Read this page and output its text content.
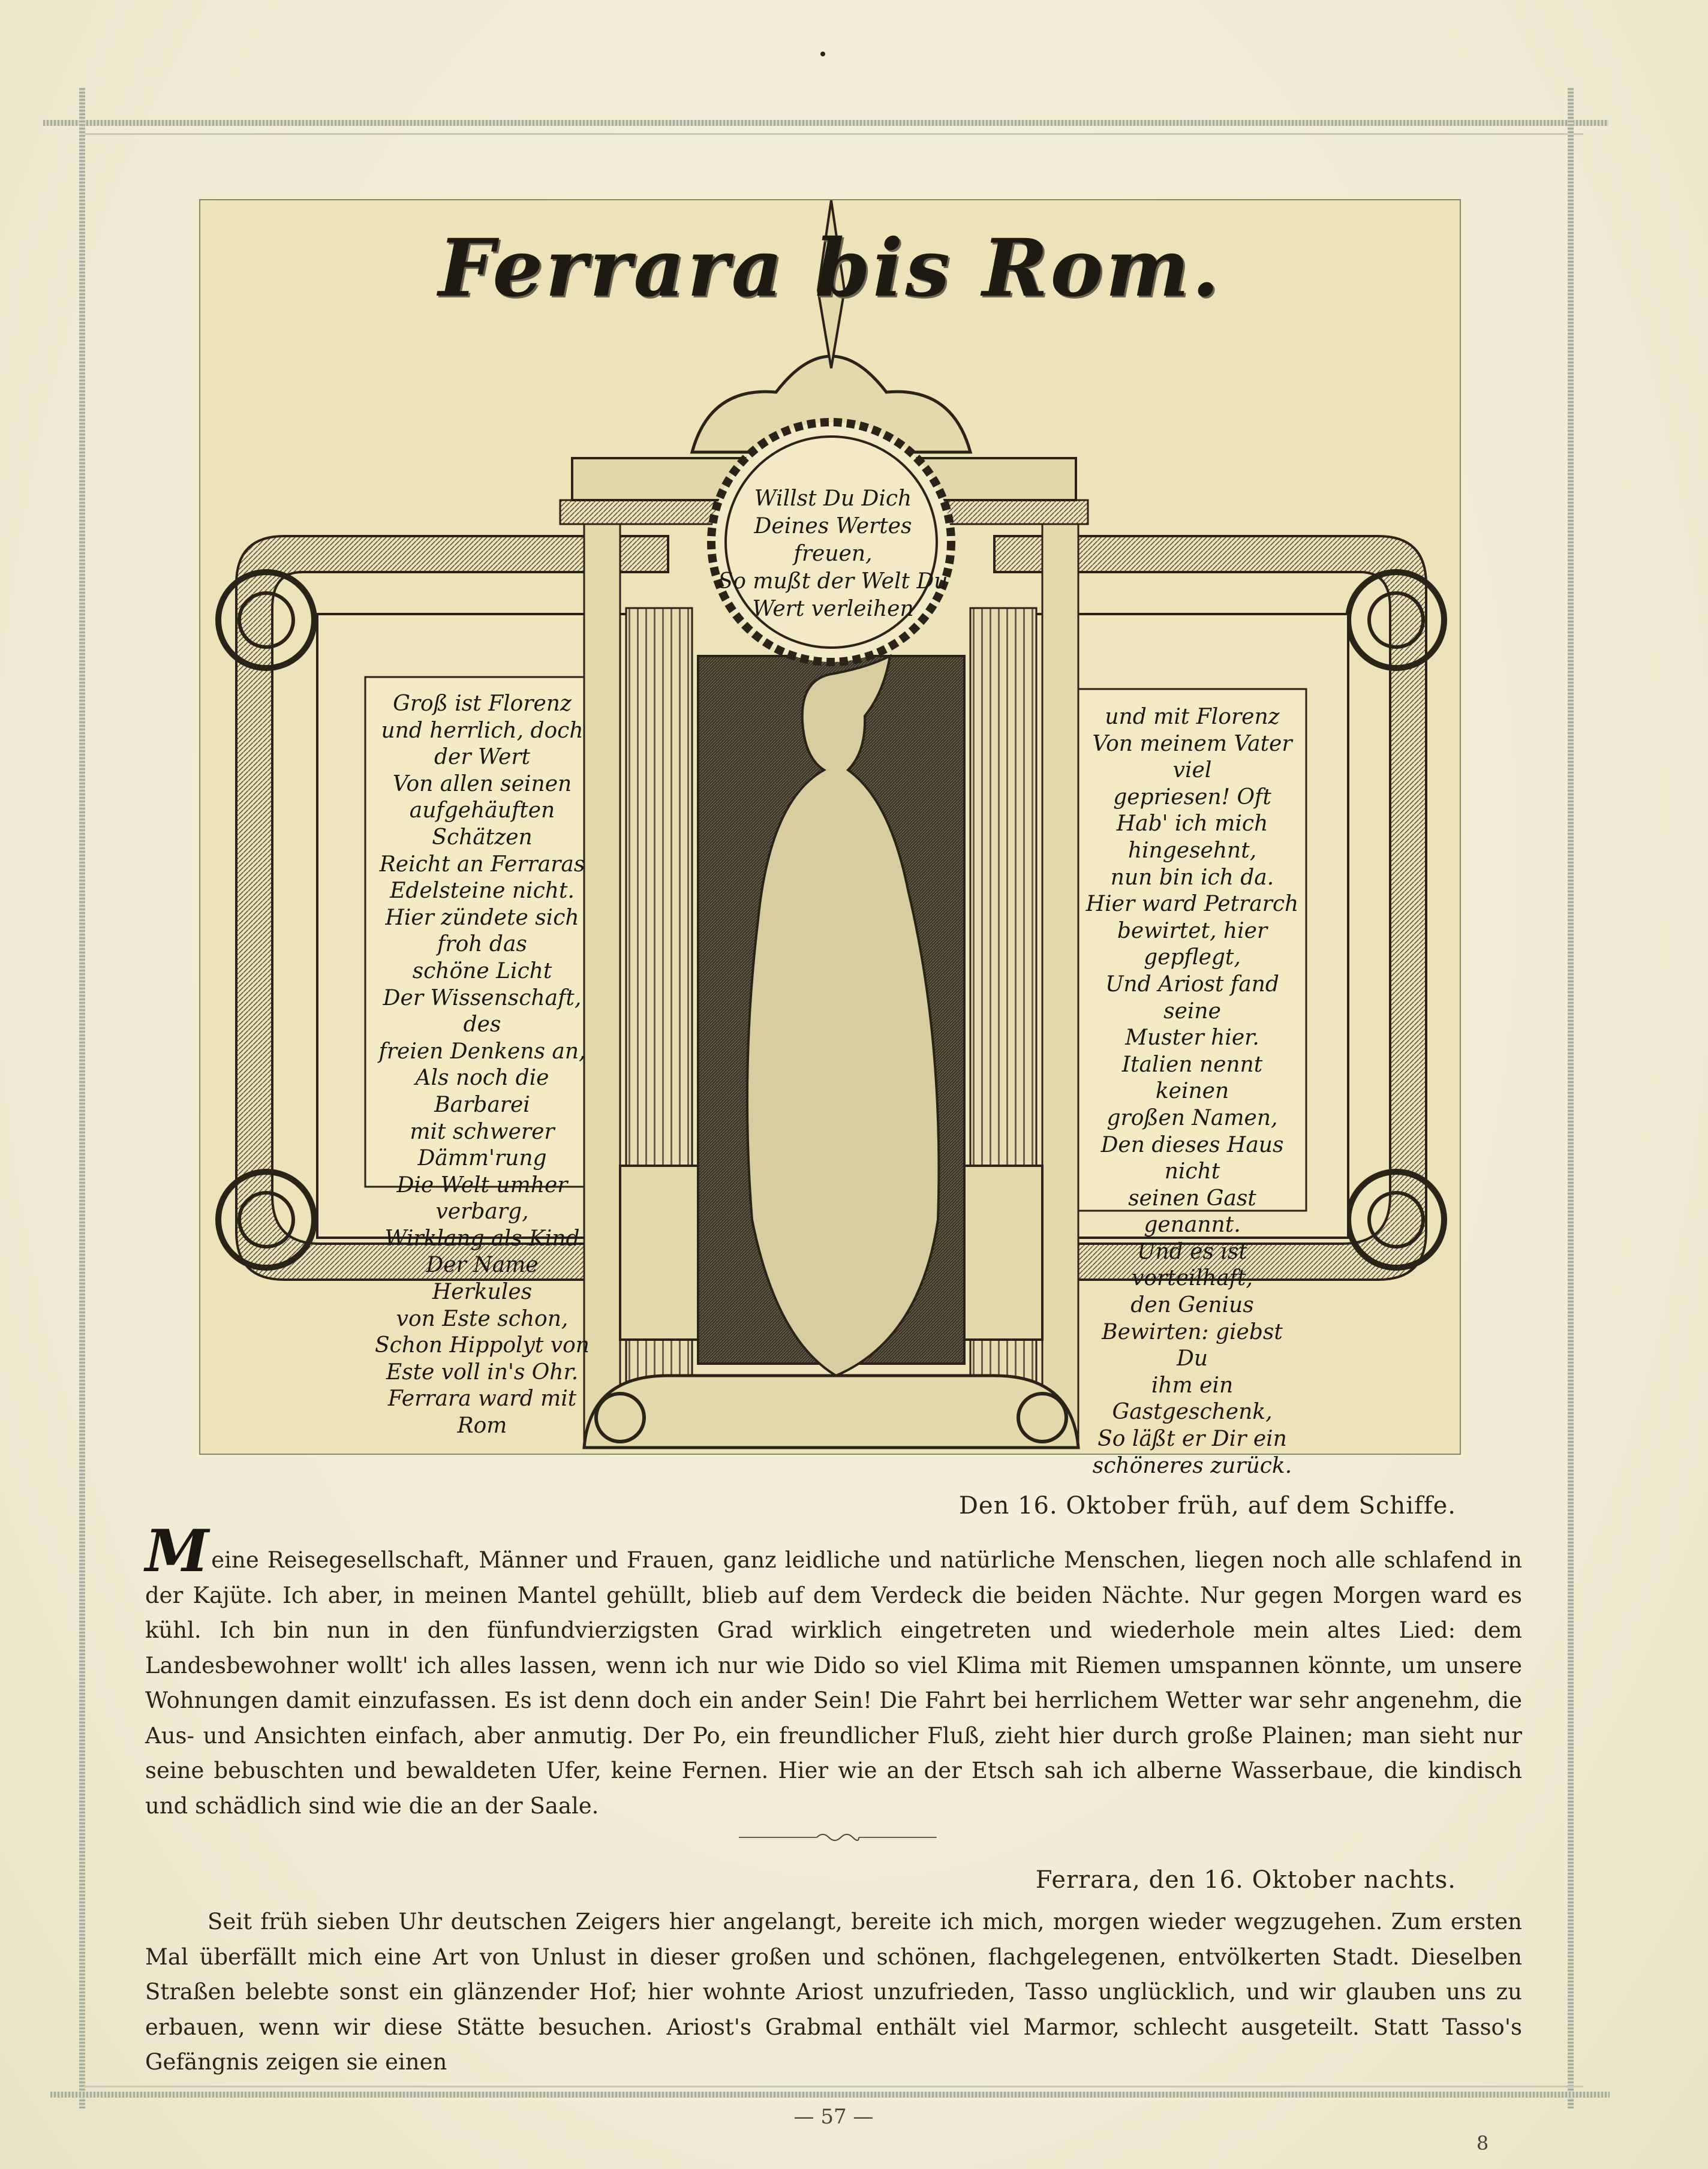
Ferrara bis Rom.
Willst Du Dich
Deines Wertes freuen,
So mußt der Welt Du
Wert verleihen
Groß ist Florenz
und herrlich, doch der Wert
Von allen seinen
aufgehäuften Schätzen
Reicht an Ferraras
Edelsteine nicht.
Hier zündete sich froh das
schöne Licht
Der Wissenschaft, des
freien Denkens an,
Als noch die Barbarei
mit schwerer Dämm'rung
Die Welt umher verbarg,
Wirklang als Kind
Der Name Herkules
von Este schon,
Schon Hippolyt von
Este voll in's Ohr.
Ferrara ward mit Rom
und mit Florenz
Von meinem Vater viel
gepriesen! Oft
Hab' ich mich hingesehnt,
nun bin ich da.
Hier ward Petrarch
bewirtet, hier gepflegt,
Und Ariost fand seine
Muster hier.
Italien nennt keinen
großen Namen,
Den dieses Haus nicht
seinen Gast genannt.
Und es ist vorteilhaft,
den Genius
Bewirten: giebst Du
ihm ein Gastgeschenk,
So läßt er Dir ein
schöneres zurück.
Den 16. Oktober früh, auf dem Schiffe.

Meine Reisegesellschaft, Männer und Frauen, ganz leidliche und natürliche Menschen, liegen noch alle schlafend in der Kajüte. Ich aber, in meinen Mantel gehüllt, blieb auf dem Verdeck die beiden Nächte. Nur gegen Morgen ward es kühl. Ich bin nun in den fünfundvierzigsten Grad wirklich eingetreten und wiederhole mein altes Lied: dem Landesbewohner wollt' ich alles lassen, wenn ich nur wie Dido so viel Klima mit Riemen umspannen könnte, um unsere Wohnungen damit einzufassen. Es ist denn doch ein ander Sein! Die Fahrt bei herrlichem Wetter war sehr angenehm, die Aus- und Ansichten einfach, aber anmutig. Der Po, ein freundlicher Fluß, zieht hier durch große Plainen; man sieht nur seine bebuschten und bewaldeten Ufer, keine Fernen. Hier wie an der Etsch sah ich alberne Wasserbaue, die kindisch und schädlich sind wie die an der Saale.

Ferrara, den 16. Oktober nachts.

Seit früh sieben Uhr deutschen Zeigers hier angelangt, bereite ich mich, morgen wieder wegzugehen. Zum ersten Mal überfällt mich eine Art von Unlust in dieser großen und schönen, flachgelegenen, entvölkerten Stadt. Dieselben Straßen belebte sonst ein glänzender Hof; hier wohnte Ariost unzufrieden, Tasso unglücklich, und wir glauben uns zu erbauen, wenn wir diese Stätte besuchen. Ariost's Grabmal enthält viel Marmor, schlecht ausgeteilt. Statt Tasso's Gefängnis zeigen sie einen

— 57 —
8
